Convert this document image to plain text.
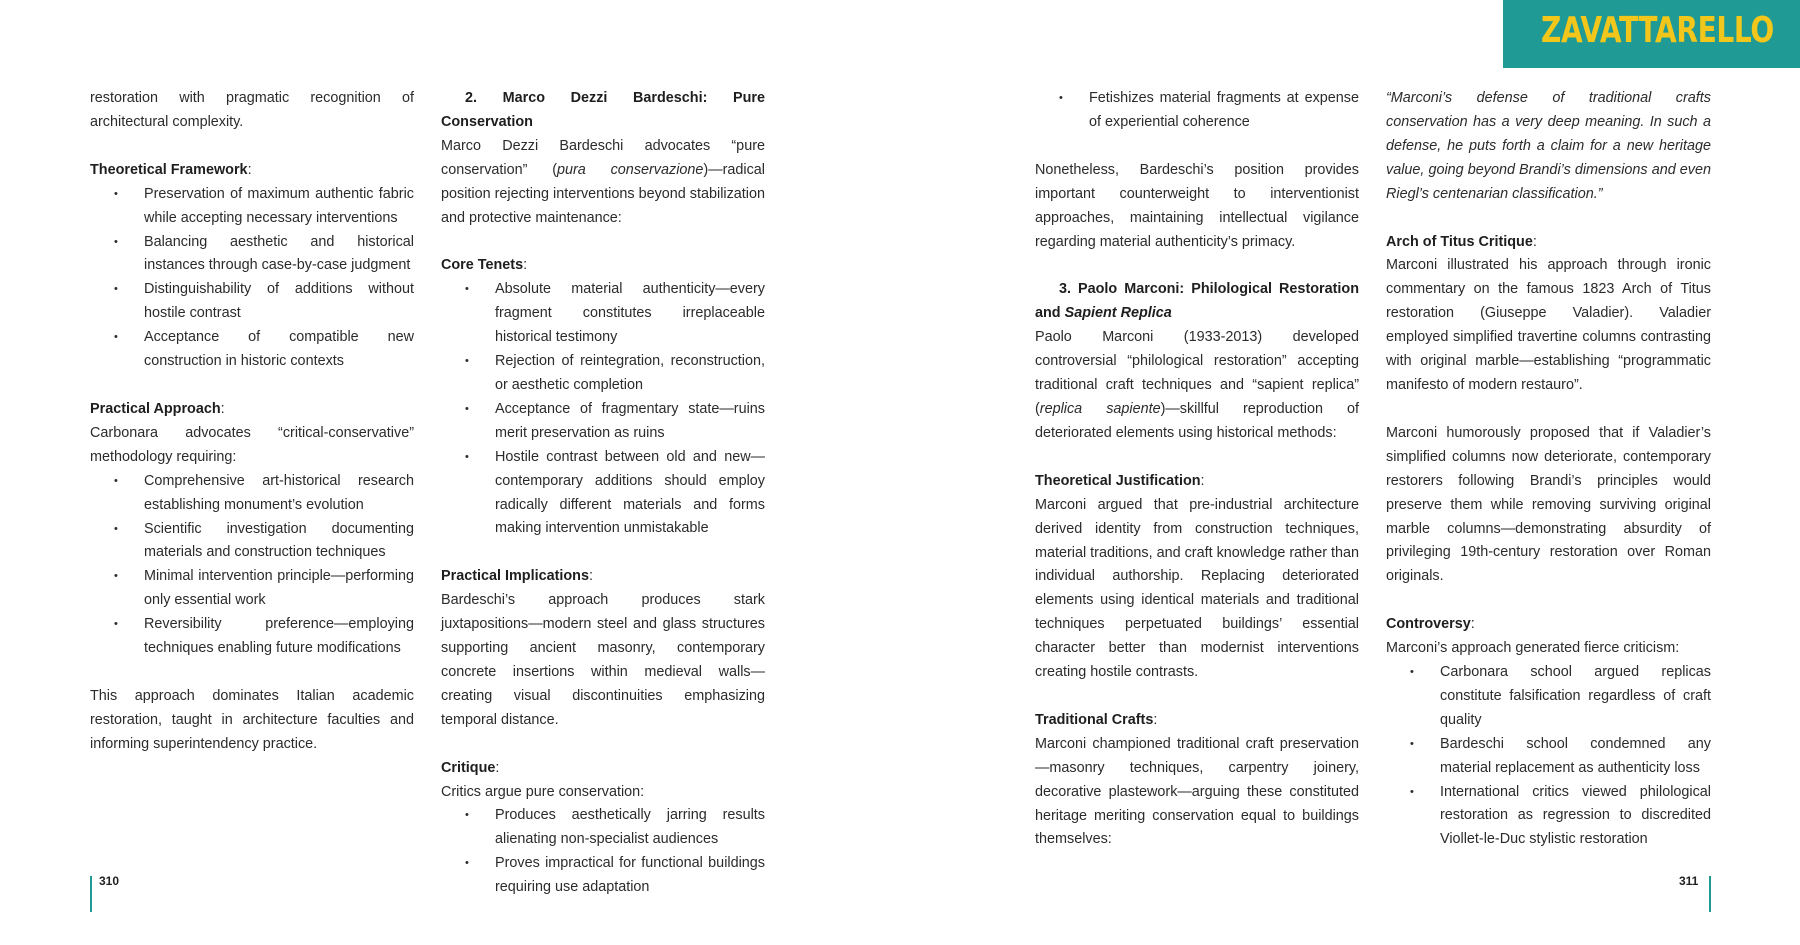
ZAVATTARELLO

restoration with pragmatic recognition of architectural complexity.

Theoretical Framework:

• Preservation of maximum authentic fabric while accepting necessary interventions
• Balancing aesthetic and historical instances through case-by-case judgment
• Distinguishability of additions without hostile contrast
• Acceptance of compatible new construction in historic contexts

Practical Approach:

Carbonara advocates “critical-conservative” methodology requiring:

• Comprehensive art-historical research establishing monument’s evolution
• Scientific investigation documenting materials and construction techniques
• Minimal intervention principle—performing only essential work
• Reversibility preference—employing techniques enabling future modifications

This approach dominates Italian academic restoration, taught in architecture faculties and informing superintendency practice.

2. Marco Dezzi Bardeschi: Pure Conservation

Marco Dezzi Bardeschi advocates “pure conservation” (pura conservazione)—radical position rejecting interventions beyond stabilization and protective maintenance:

Core Tenets:

• Absolute material authenticity—every fragment constitutes irreplaceable historical testimony
• Rejection of reintegration, reconstruction, or aesthetic completion
• Acceptance of fragmentary state—ruins merit preservation as ruins
• Hostile contrast between old and new—contemporary additions should employ radically different materials and forms making intervention unmistakable

Practical Implications:

Bardeschi’s approach produces stark juxtapositions—modern steel and glass structures supporting ancient masonry, contemporary concrete insertions within medieval walls—creating visual discontinuities emphasizing temporal distance.

Critique:

Critics argue pure conservation:

• Produces aesthetically jarring results alienating non-specialist audiences
• Proves impractical for functional buildings requiring use adaptation
• Fetishizes material fragments at expense of experiential coherence

Nonetheless, Bardeschi’s position provides important counterweight to interventionist approaches, maintaining intellectual vigilance regarding material authenticity’s primacy.

3. Paolo Marconi: Philological Restoration and Sapient Replica

Paolo Marconi (1933-2013) developed controversial “philological restoration” accepting traditional craft techniques and “sapient replica” (replica sapiente)—skillful reproduction of deteriorated elements using historical methods:

Theoretical Justification:

Marconi argued that pre-industrial architecture derived identity from construction techniques, material traditions, and craft knowledge rather than individual authorship. Replacing deteriorated elements using identical materials and traditional techniques perpetuated buildings’ essential character better than modernist interventions creating hostile contrasts.

Traditional Crafts:

Marconi championed traditional craft preservation—masonry techniques, carpentry joinery, decorative plastework—arguing these constituted heritage meriting conservation equal to buildings themselves:

“Marconi’s defense of traditional crafts conservation has a very deep meaning. In such a defense, he puts forth a claim for a new heritage value, going beyond Brandi’s dimensions and even Riegl’s centenarian classification.”

Arch of Titus Critique:

Marconi illustrated his approach through ironic commentary on the famous 1823 Arch of Titus restoration (Giuseppe Valadier). Valadier employed simplified travertine columns contrasting with original marble—establishing “programmatic manifesto of modern restauro”.

Marconi humorously proposed that if Valadier’s simplified columns now deteriorate, contemporary restorers following Brandi’s principles would preserve them while removing surviving original marble columns—demonstrating absurdity of privileging 19th-century restoration over Roman originals.

Controversy:

Marconi’s approach generated fierce criticism:

• Carbonara school argued replicas constitute falsification regardless of craft quality
• Bardeschi school condemned any material replacement as authenticity loss
• International critics viewed philological restoration as regression to discredited Viollet-le-Duc stylistic restoration
310	311
